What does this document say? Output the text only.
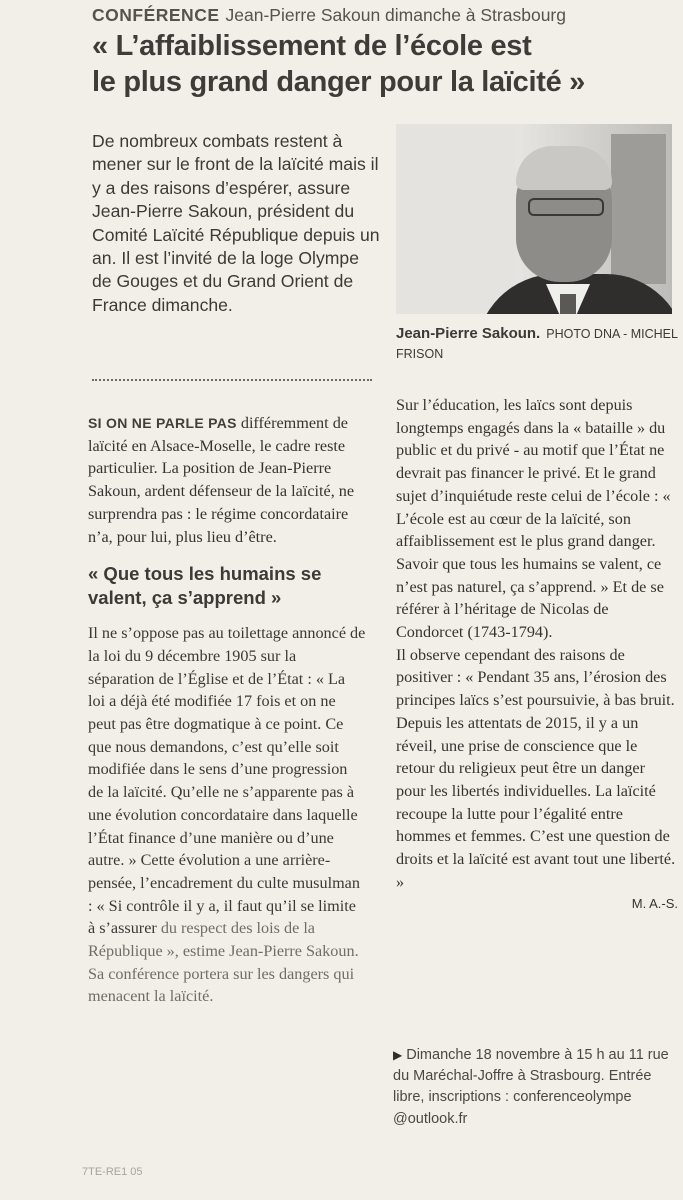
CONFÉRENCE Jean-Pierre Sakoun dimanche à Strasbourg
« L’affaiblissement de l’école est
le plus grand danger pour la laïcité »
De nombreux combats restent à mener sur le front de la laïcité mais il y a des raisons d’espérer, assure Jean-Pierre Sakoun, président du Comité Laïcité République depuis un an. Il est l’invité de la loge Olympe de Gouges et du Grand Orient de France dimanche.
Jean-Pierre Sakoun. PHOTO DNA - MICHEL FRISON

SI ON NE PARLE PAS différemment de laïcité en Alsace-Moselle, le cadre reste particulier. La position de Jean-Pierre Sakoun, ardent défenseur de la laïcité, ne surprendra pas : le régime concordataire n’a, pour lui, plus lieu d’être.

« Que tous les humains se valent, ça s’apprend »

Il ne s’oppose pas au toilettage annoncé de la loi du 9 décembre 1905 sur la séparation de l’Église et de l’État : « La loi a déjà été modifiée 17 fois et on ne peut pas être dogmatique à ce point. Ce que nous demandons, c’est qu’elle soit modifiée dans le sens d’une progression de la laïcité. Qu’elle ne s’apparente pas à une évolution concordataire dans laquelle l’État finance d’une manière ou d’une autre. » Cette évolution a une arrière-pensée, l’encadrement du culte musulman : « Si contrôle il y a, il faut qu’il se limite à s’assurer du respect des lois de la République », estime Jean-Pierre Sakoun. Sa conférence portera sur les dangers qui menacent la laïcité.

Sur l’éducation, les laïcs sont depuis longtemps engagés dans la « bataille » du public et du privé - au motif que l’État ne devrait pas financer le privé. Et le grand sujet d’inquiétude reste celui de l’école : « L’école est au cœur de la laïcité, son affaiblissement est le plus grand danger. Savoir que tous les humains se valent, ce n’est pas naturel, ça s’apprend. » Et de se référer à l’héritage de Nicolas de Condorcet (1743-1794).

Il observe cependant des raisons de positiver : « Pendant 35 ans, l’érosion des principes laïcs s’est poursuivie, à bas bruit. Depuis les attentats de 2015, il y a un réveil, une prise de conscience que le retour du religieux peut être un danger pour les libertés individuelles. La laïcité recoupe la lutte pour l’égalité entre hommes et femmes. C’est une question de droits et la laïcité est avant tout une liberté. »

M. A.-S.
▶ Dimanche 18 novembre à 15 h au 11 rue du Maréchal-Joffre à Strasbourg. Entrée libre, inscriptions : conferenceolympe @outlook.fr
7TE-RE1 05
